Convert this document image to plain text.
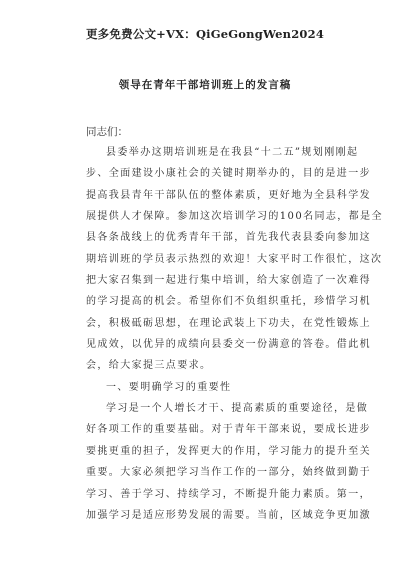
更多免费公文+VX：QiGeGongWen2024
领导在青年干部培训班上的发言稿
同志们：
县委举办这期培训班是在我县“十二五”规划刚刚起
步、全面建设小康社会的关键时期举办的，目的是进一步
提高我县青年干部队伍的整体素质，更好地为全县科学发
展提供人才保障。参加这次培训学习的100名同志，都是全
县各条战线上的优秀青年干部，首先我代表县委向参加这
期培训班的学员表示热烈的欢迎！大家平时工作很忙，这次
把大家召集到一起进行集中培训，给大家创造了一次难得
的学习提高的机会。希望你们不负组织重托，珍惜学习机
会，积极砥砺思想，在理论武装上下功夫，在党性锻炼上
见成效，以优异的成绩向县委交一份满意的答卷。借此机
会，给大家提三点要求。
一、要明确学习的重要性
学习是一个人增长才干、提高素质的重要途径，是做
好各项工作的重要基础。对于青年干部来说，要成长进步
要挑更重的担子，发挥更大的作用，学习能力的提升至关
重要。大家必须把学习当作工作的一部分，始终做到勤于
学习、善于学习、持续学习，不断提升能力素质。第一，
加强学习是适应形势发展的需要。当前，区域竞争更加激
